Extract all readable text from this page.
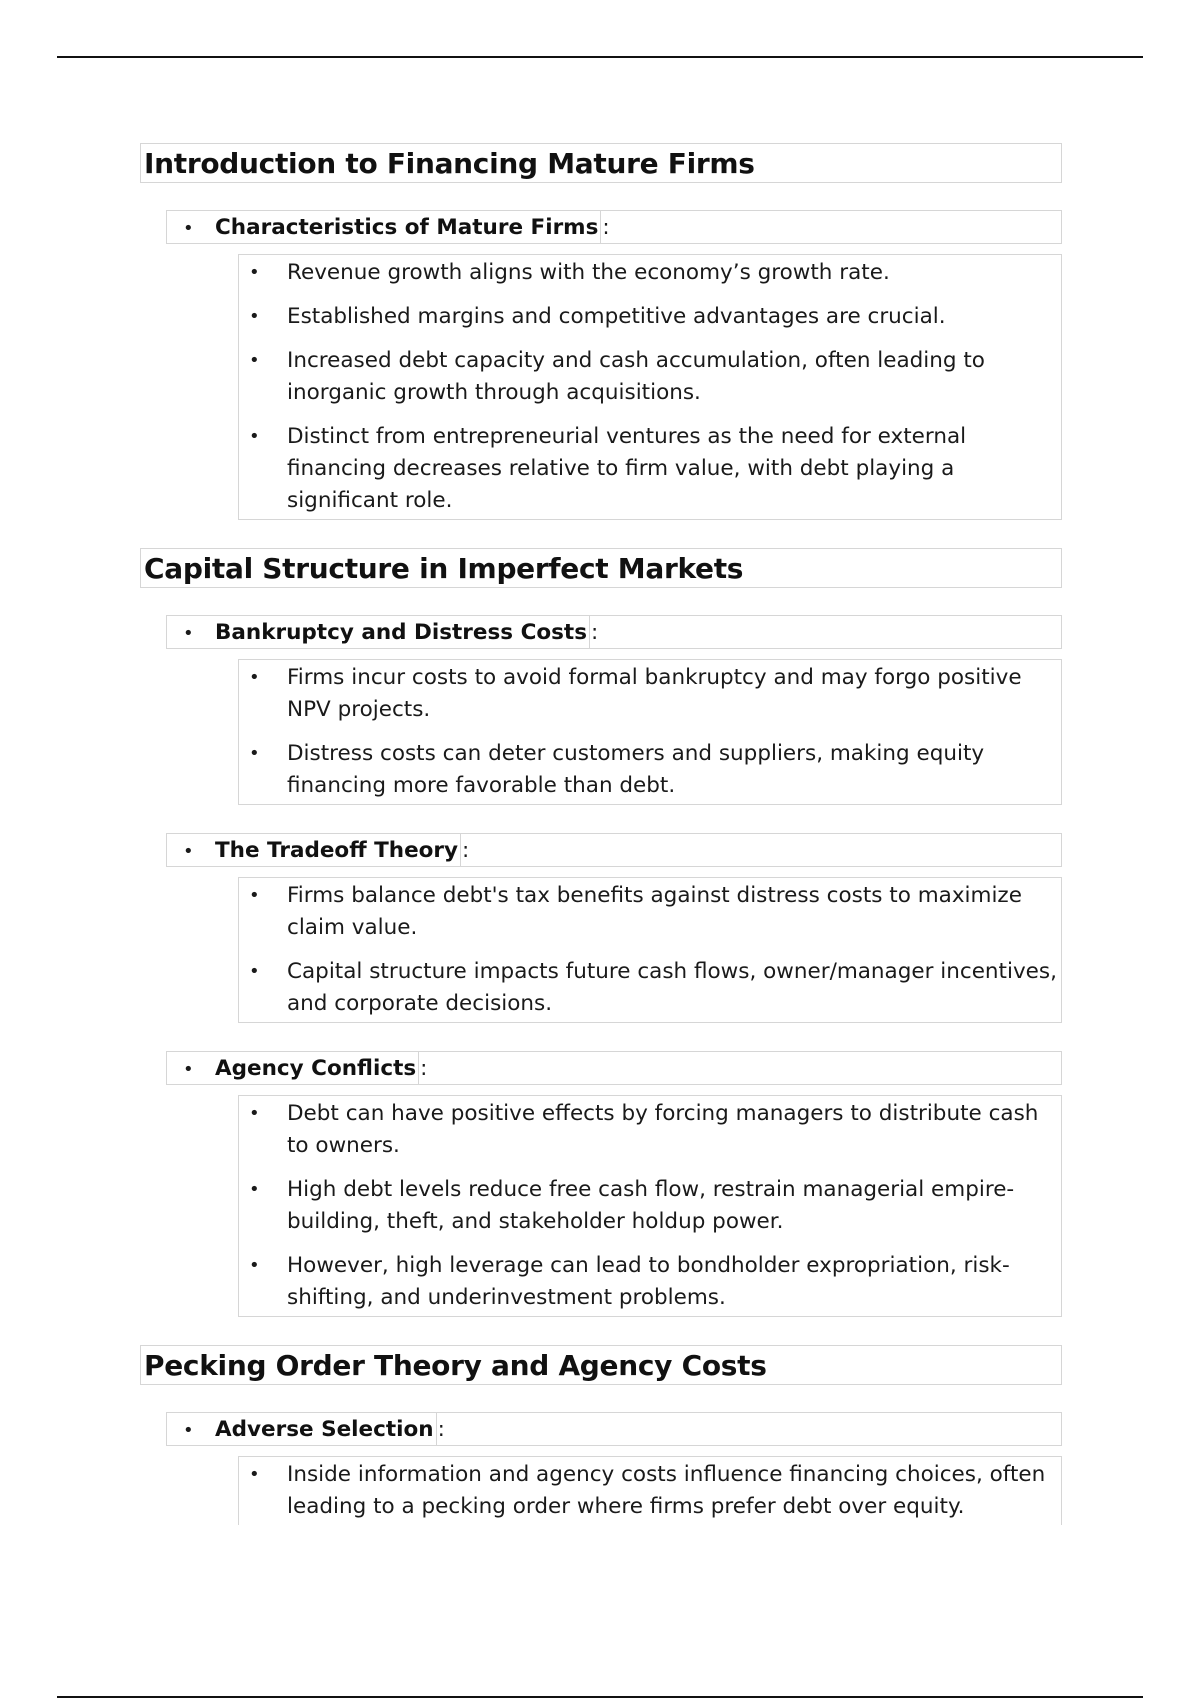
Introduction to Financing Mature Firms
• Characteristics of Mature Firms :

• Revenue growth aligns with the economy’s growth rate.

• Established margins and competitive advantages are crucial.

• Increased debt capacity and cash accumulation, often leading to inorganic growth through acquisitions.

• Distinct from entrepreneurial ventures as the need for external financing decreases relative to firm value, with debt playing a significant role.

Capital Structure in Imperfect Markets
• Bankruptcy and Distress Costs :

• Firms incur costs to avoid formal bankruptcy and may forgo positive NPV projects.

• Distress costs can deter customers and suppliers, making equity financing more favorable than debt.

• The Tradeoff Theory :

• Firms balance debt's tax benefits against distress costs to maximize claim value.

• Capital structure impacts future cash flows, owner/manager incentives, and corporate decisions.

• Agency Conflicts :

• Debt can have positive effects by forcing managers to distribute cash to owners.

• High debt levels reduce free cash flow, restrain managerial empire-building, theft, and stakeholder holdup power.

• However, high leverage can lead to bondholder expropriation, risk-shifting, and underinvestment problems.

Pecking Order Theory and Agency Costs
• Adverse Selection :

• Inside information and agency costs influence financing choices, often leading to a pecking order where firms prefer debt over equity.
